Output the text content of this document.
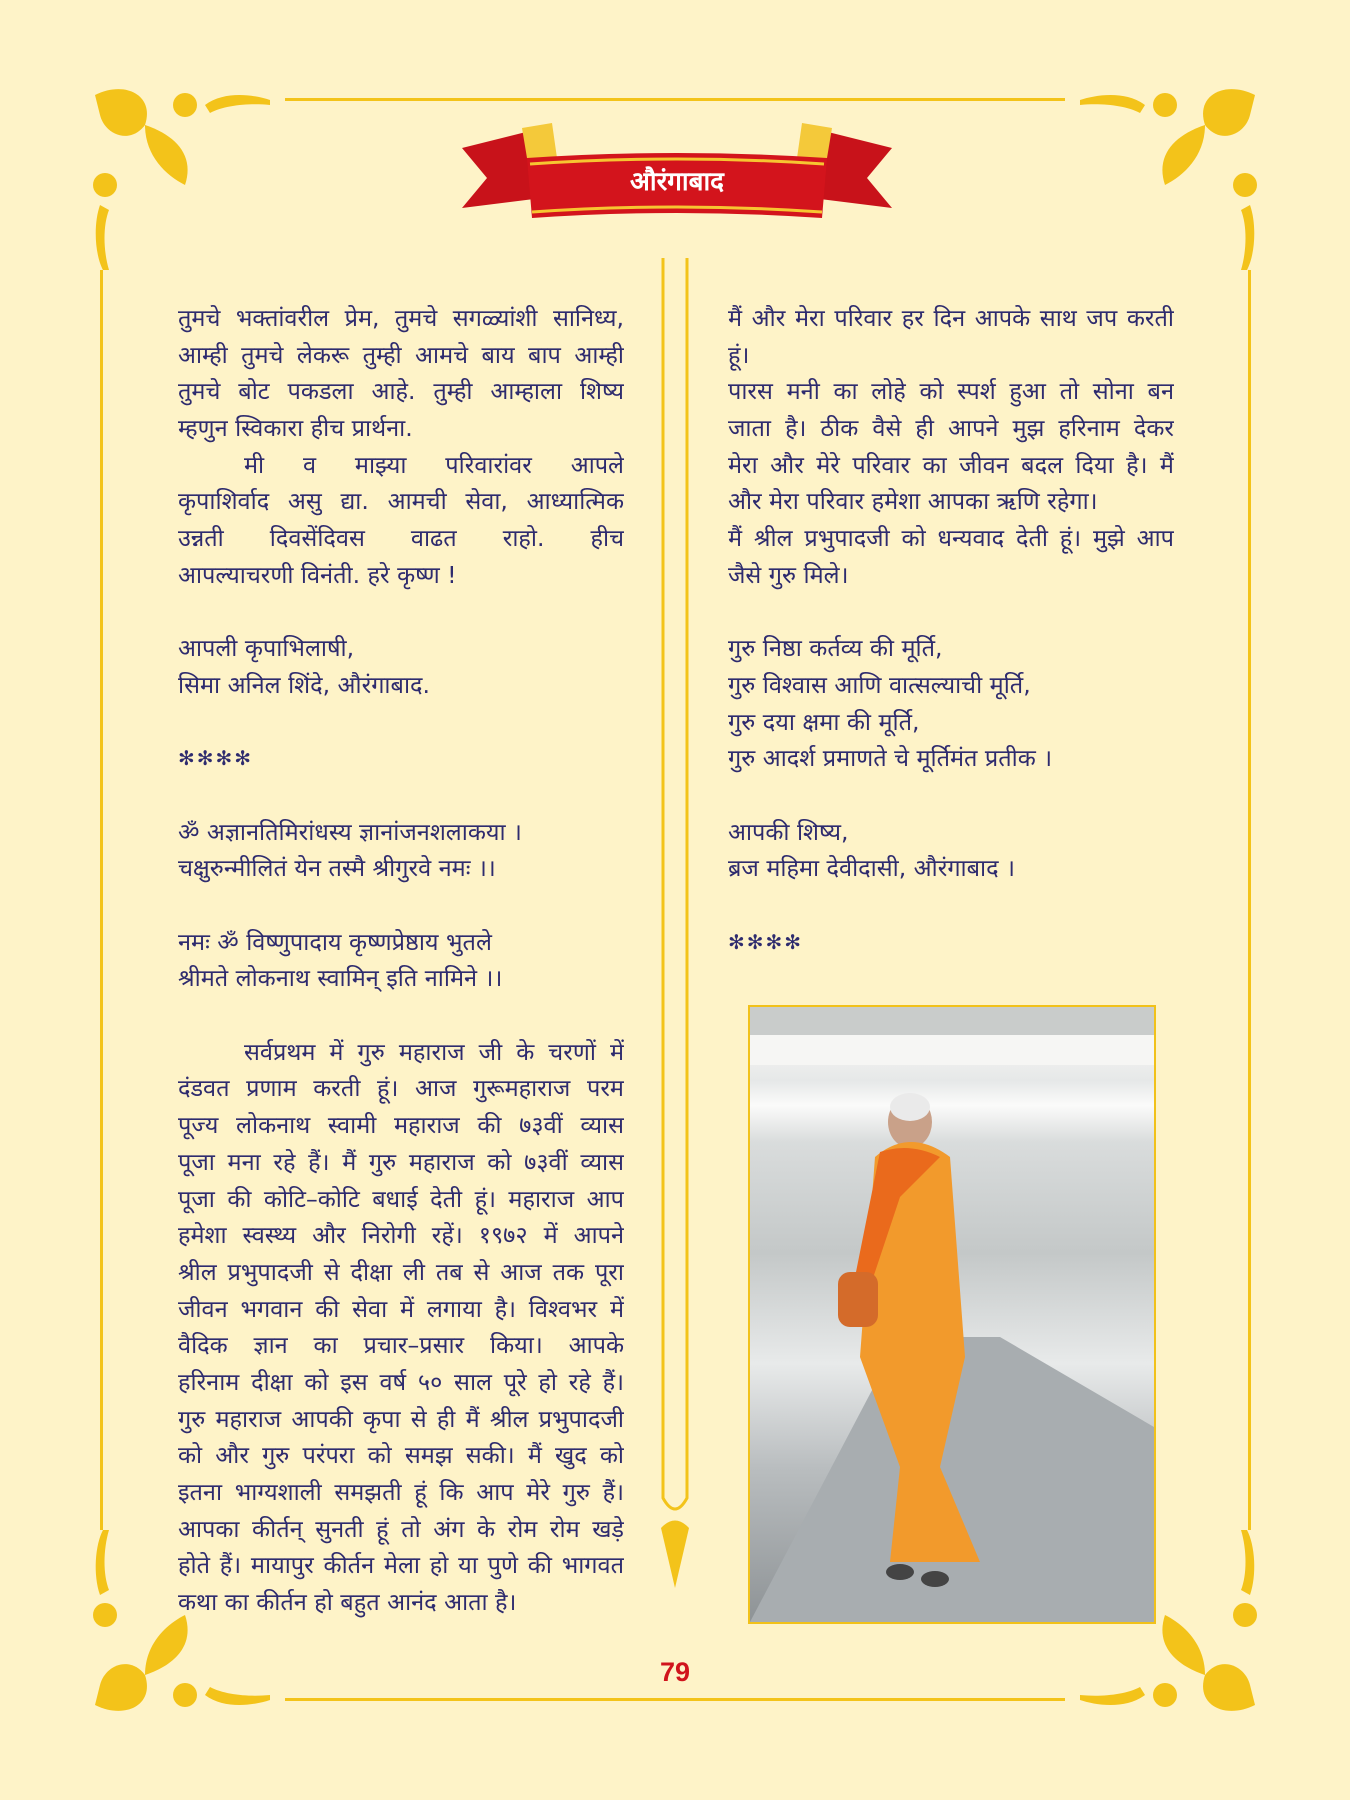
औरंगाबाद
तुमचे भक्तांवरील प्रेम, तुमचे सगळ्यांशी सानिध्य,
आम्ही तुमचे लेकरू तुम्ही आमचे बाय बाप आम्ही
तुमचे बोट पकडला आहे. तुम्ही आम्हाला शिष्य
म्हणुन स्विकारा हीच प्रार्थना.
मी व माझ्या परिवारांवर आपले
कृपाशिर्वाद असु द्या. आमची सेवा, आध्यात्मिक
उन्नती दिवसेंदिवस वाढत राहो. हीच
आपल्याचरणी विनंती. हरे कृष्ण !
आपली कृपाभिलाषी,
सिमा अनिल शिंदे, औरंगाबाद.
✻✻✻✻
ॐ अज्ञानतिमिरांधस्य ज्ञानांजनशलाकया ।
चक्षुरुन्मीलितं येन तस्मै श्रीगुरवे नमः ।।
नमः ॐ विष्णुपादाय कृष्णप्रेष्ठाय भुतले
श्रीमते लोकनाथ स्वामिन् इति नामिने ।।
सर्वप्रथम में गुरु महाराज जी के चरणों में
दंडवत प्रणाम करती हूं। आज गुरूमहाराज परम
पूज्य लोकनाथ स्वामी महाराज की ७३वीं व्यास
पूजा मना रहे हैं। मैं गुरु महाराज को ७३वीं व्यास
पूजा की कोटि–कोटि बधाई देती हूं। महाराज आप
हमेशा स्वस्थ्य और निरोगी रहें। १९७२ में आपने
श्रील प्रभुपादजी से दीक्षा ली तब से आज तक पूरा
जीवन भगवान की सेवा में लगाया है। विश्वभर में
वैदिक ज्ञान का प्रचार–प्रसार किया। आपके
हरिनाम दीक्षा को इस वर्ष ५० साल पूरे हो रहे हैं।
गुरु महाराज आपकी कृपा से ही मैं श्रील प्रभुपादजी
को और गुरु परंपरा को समझ सकी। मैं खुद को
इतना भाग्यशाली समझती हूं कि आप मेरे गुरु हैं।
आपका कीर्तन् सुनती हूं तो अंग के रोम रोम खड़े
होते हैं। मायापुर कीर्तन मेला हो या पुणे की भागवत
कथा का कीर्तन हो बहुत आनंद आता है।
मैं और मेरा परिवार हर दिन आपके साथ जप करती
हूं।
पारस मनी का लोहे को स्पर्श हुआ तो सोना बन
जाता है। ठीक वैसे ही आपने मुझ हरिनाम देकर
मेरा और मेरे परिवार का जीवन बदल दिया है। मैं
और मेरा परिवार हमेशा आपका ऋणि रहेगा।
मैं श्रील प्रभुपादजी को धन्यवाद देती हूं। मुझे आप
जैसे गुरु मिले।
गुरु निष्ठा कर्तव्य की मूर्ति,
गुरु विश्वास आणि वात्सल्याची मूर्ति,
गुरु दया क्षमा की मूर्ति,
गुरु आदर्श प्रमाणते चे मूर्तिमंत प्रतीक ।
आपकी शिष्य,
ब्रज महिमा देवीदासी, औरंगाबाद ।
✻✻✻✻
79
